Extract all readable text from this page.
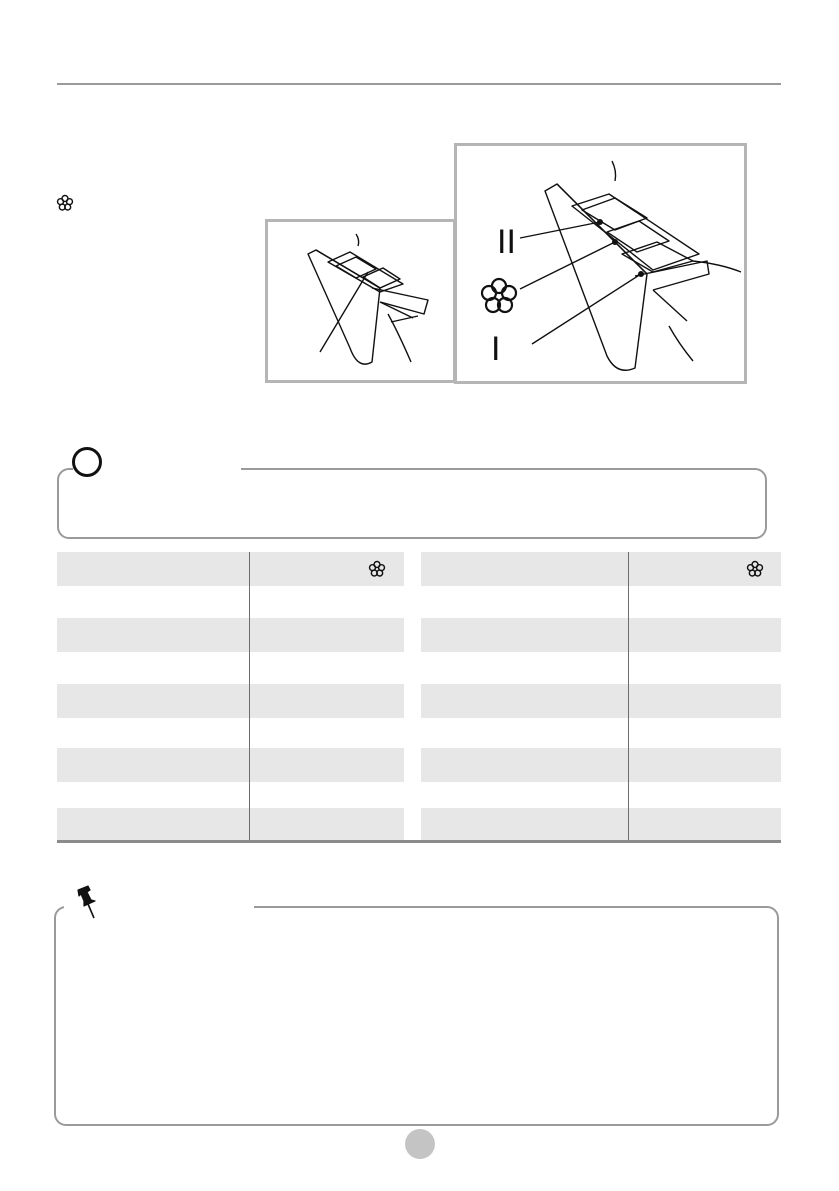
II
I
